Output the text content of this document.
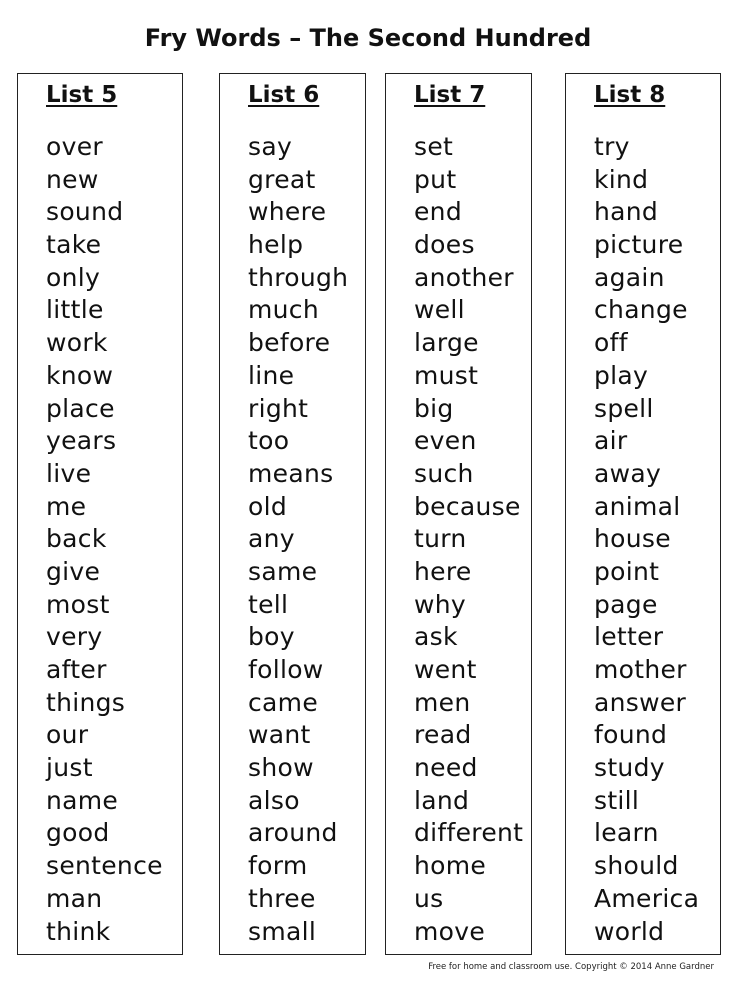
Fry Words – The Second Hundred
List 5
over
new
sound
take
only
little
work
know
place
years
live
me
back
give
most
very
after
things
our
just
name
good
sentence
man
think
List 6
say
great
where
help
through
much
before
line
right
too
means
old
any
same
tell
boy
follow
came
want
show
also
around
form
three
small
List 7
set
put
end
does
another
well
large
must
big
even
such
because
turn
here
why
ask
went
men
read
need
land
different
home
us
move
List 8
try
kind
hand
picture
again
change
off
play
spell
air
away
animal
house
point
page
letter
mother
answer
found
study
still
learn
should
America
world
Free for home and classroom use. Copyright © 2014 Anne Gardner
